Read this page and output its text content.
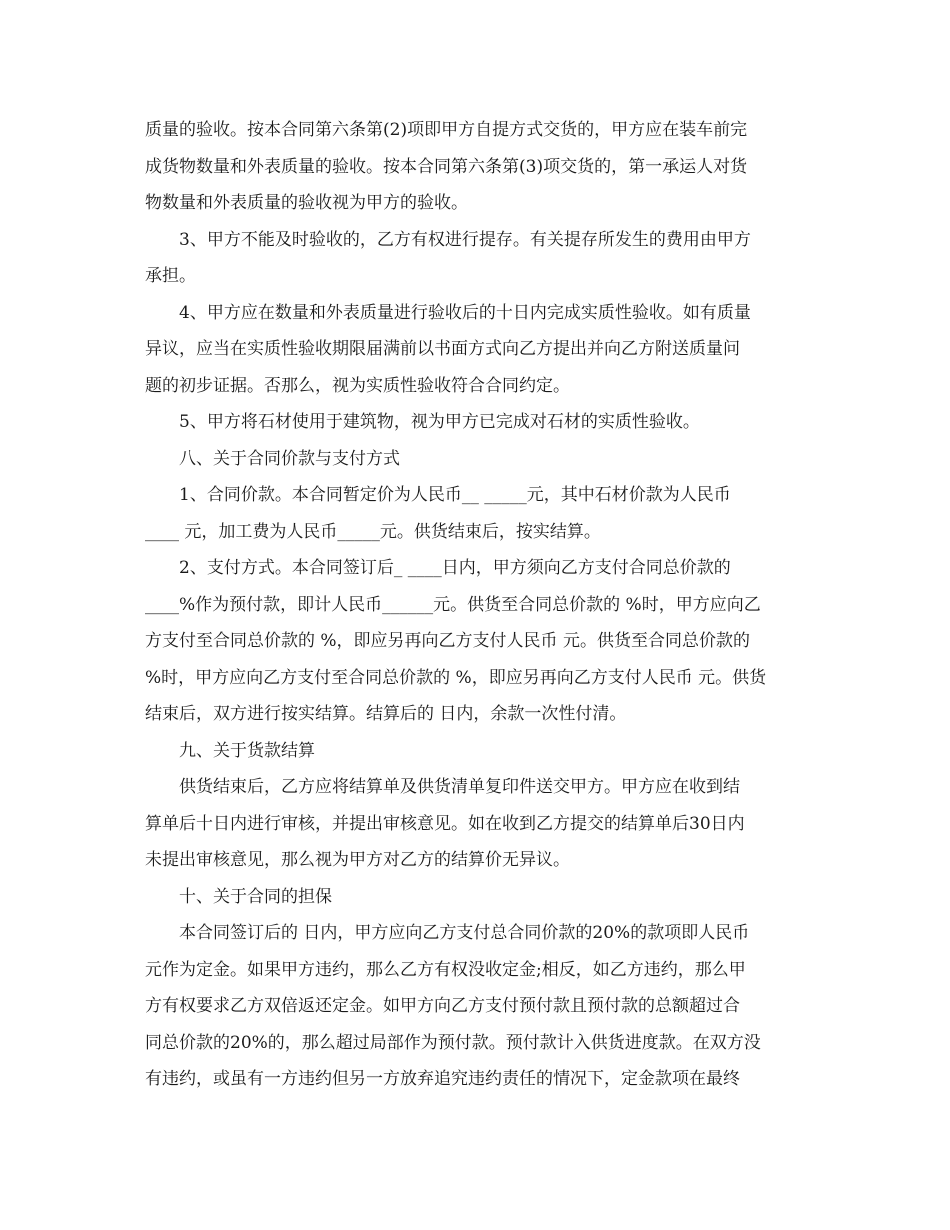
质量的验收。按本合同第六条第(2)项即甲方自提方式交货的，甲方应在装车前完
成货物数量和外表质量的验收。按本合同第六条第(3)项交货的，第一承运人对货
物数量和外表质量的验收视为甲方的验收。

3、甲方不能及时验收的，乙方有权进行提存。有关提存所发生的费用由甲方
承担。

4、甲方应在数量和外表质量进行验收后的十日内完成实质性验收。如有质量
异议，应当在实质性验收期限届满前以书面方式向乙方提出并向乙方附送质量问
题的初步证据。否那么，视为实质性验收符合合同约定。

5、甲方将石材使用于建筑物，视为甲方已完成对石材的实质性验收。

八、关于合同价款与支付方式

1、合同价款。本合同暂定价为人民币__ _____元，其中石材价款为人民币
____ 元，加工费为人民币_____元。供货结束后，按实结算。

2、支付方式。本合同签订后_ ____日内，甲方须向乙方支付合同总价款的
____%作为预付款，即计人民币______元。供货至合同总价款的 %时，甲方应向乙
方支付至合同总价款的 %，即应另再向乙方支付人民币 元。供货至合同总价款的
%时，甲方应向乙方支付至合同总价款的 %，即应另再向乙方支付人民币 元。供货
结束后，双方进行按实结算。结算后的 日内，余款一次性付清。

九、关于货款结算

供货结束后，乙方应将结算单及供货清单复印件送交甲方。甲方应在收到结
算单后十日内进行审核，并提出审核意见。如在收到乙方提交的结算单后30日内
未提出审核意见，那么视为甲方对乙方的结算价无异议。

十、关于合同的担保

本合同签订后的 日内，甲方应向乙方支付总合同价款的20%的款项即人民币
元作为定金。如果甲方违约，那么乙方有权没收定金;相反，如乙方违约，那么甲
方有权要求乙方双倍返还定金。如甲方向乙方支付预付款且预付款的总额超过合
同总价款的20%的，那么超过局部作为预付款。预付款计入供货进度款。在双方没
有违约，或虽有一方违约但另一方放弃追究违约责任的情况下，定金款项在最终
